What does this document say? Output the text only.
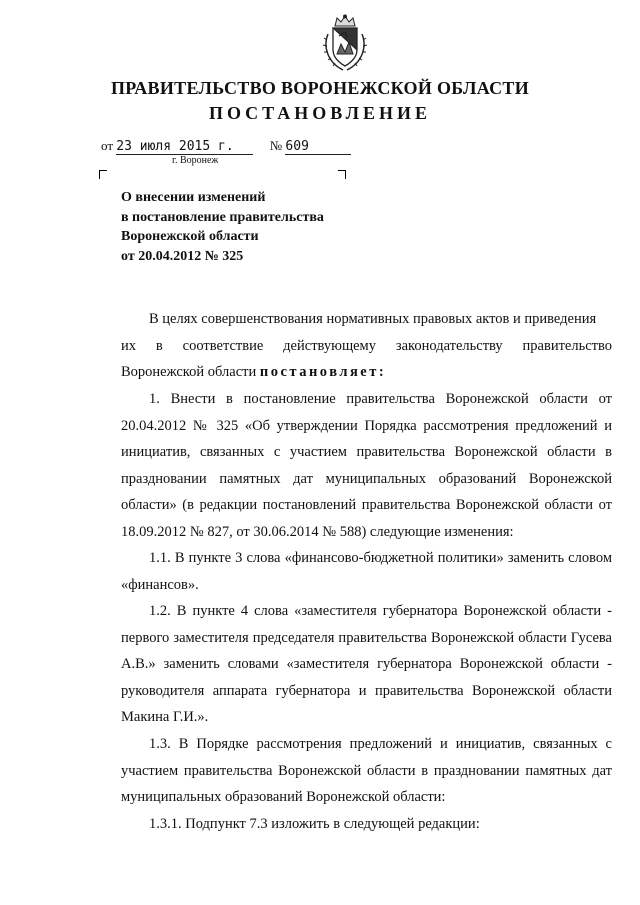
ПРАВИТЕЛЬСТВО ВОРОНЕЖСКОЙ ОБЛАСТИ
ПОСТАНОВЛЕНИЕ
от 23 июля 2015 г.	№ 609
г. Воронеж
О внесении изменений
в постановление правительства
Воронежской области
от 20.04.2012 № 325
В целях совершенствования нормативных правовых актов и приведения
их в соответствие действующему законодательству правительство
Воронежской области постановляет:

1. Внести в постановление правительства Воронежской области от 20.04.2012 № 325 «Об утверждении Порядка рассмотрения предложений и инициатив, связанных с участием правительства Воронежской области в праздновании памятных дат муниципальных образований Воронежской области» (в редакции постановлений правительства Воронежской области от 18.09.2012 № 827, от 30.06.2014 № 588) следующие изменения:

1.1. В пункте 3 слова «финансово-бюджетной политики» заменить словом «финансов».

1.2. В пункте 4 слова «заместителя губернатора Воронежской области - первого заместителя председателя правительства Воронежской области Гусева А.В.» заменить словами «заместителя губернатора Воронежской области - руководителя аппарата губернатора и правительства Воронежской области Макина Г.И.».

1.3. В Порядке рассмотрения предложений и инициатив, связанных с участием правительства Воронежской области в праздновании памятных дат муниципальных образований Воронежской области:

1.3.1. Подпункт 7.3 изложить в следующей редакции:
